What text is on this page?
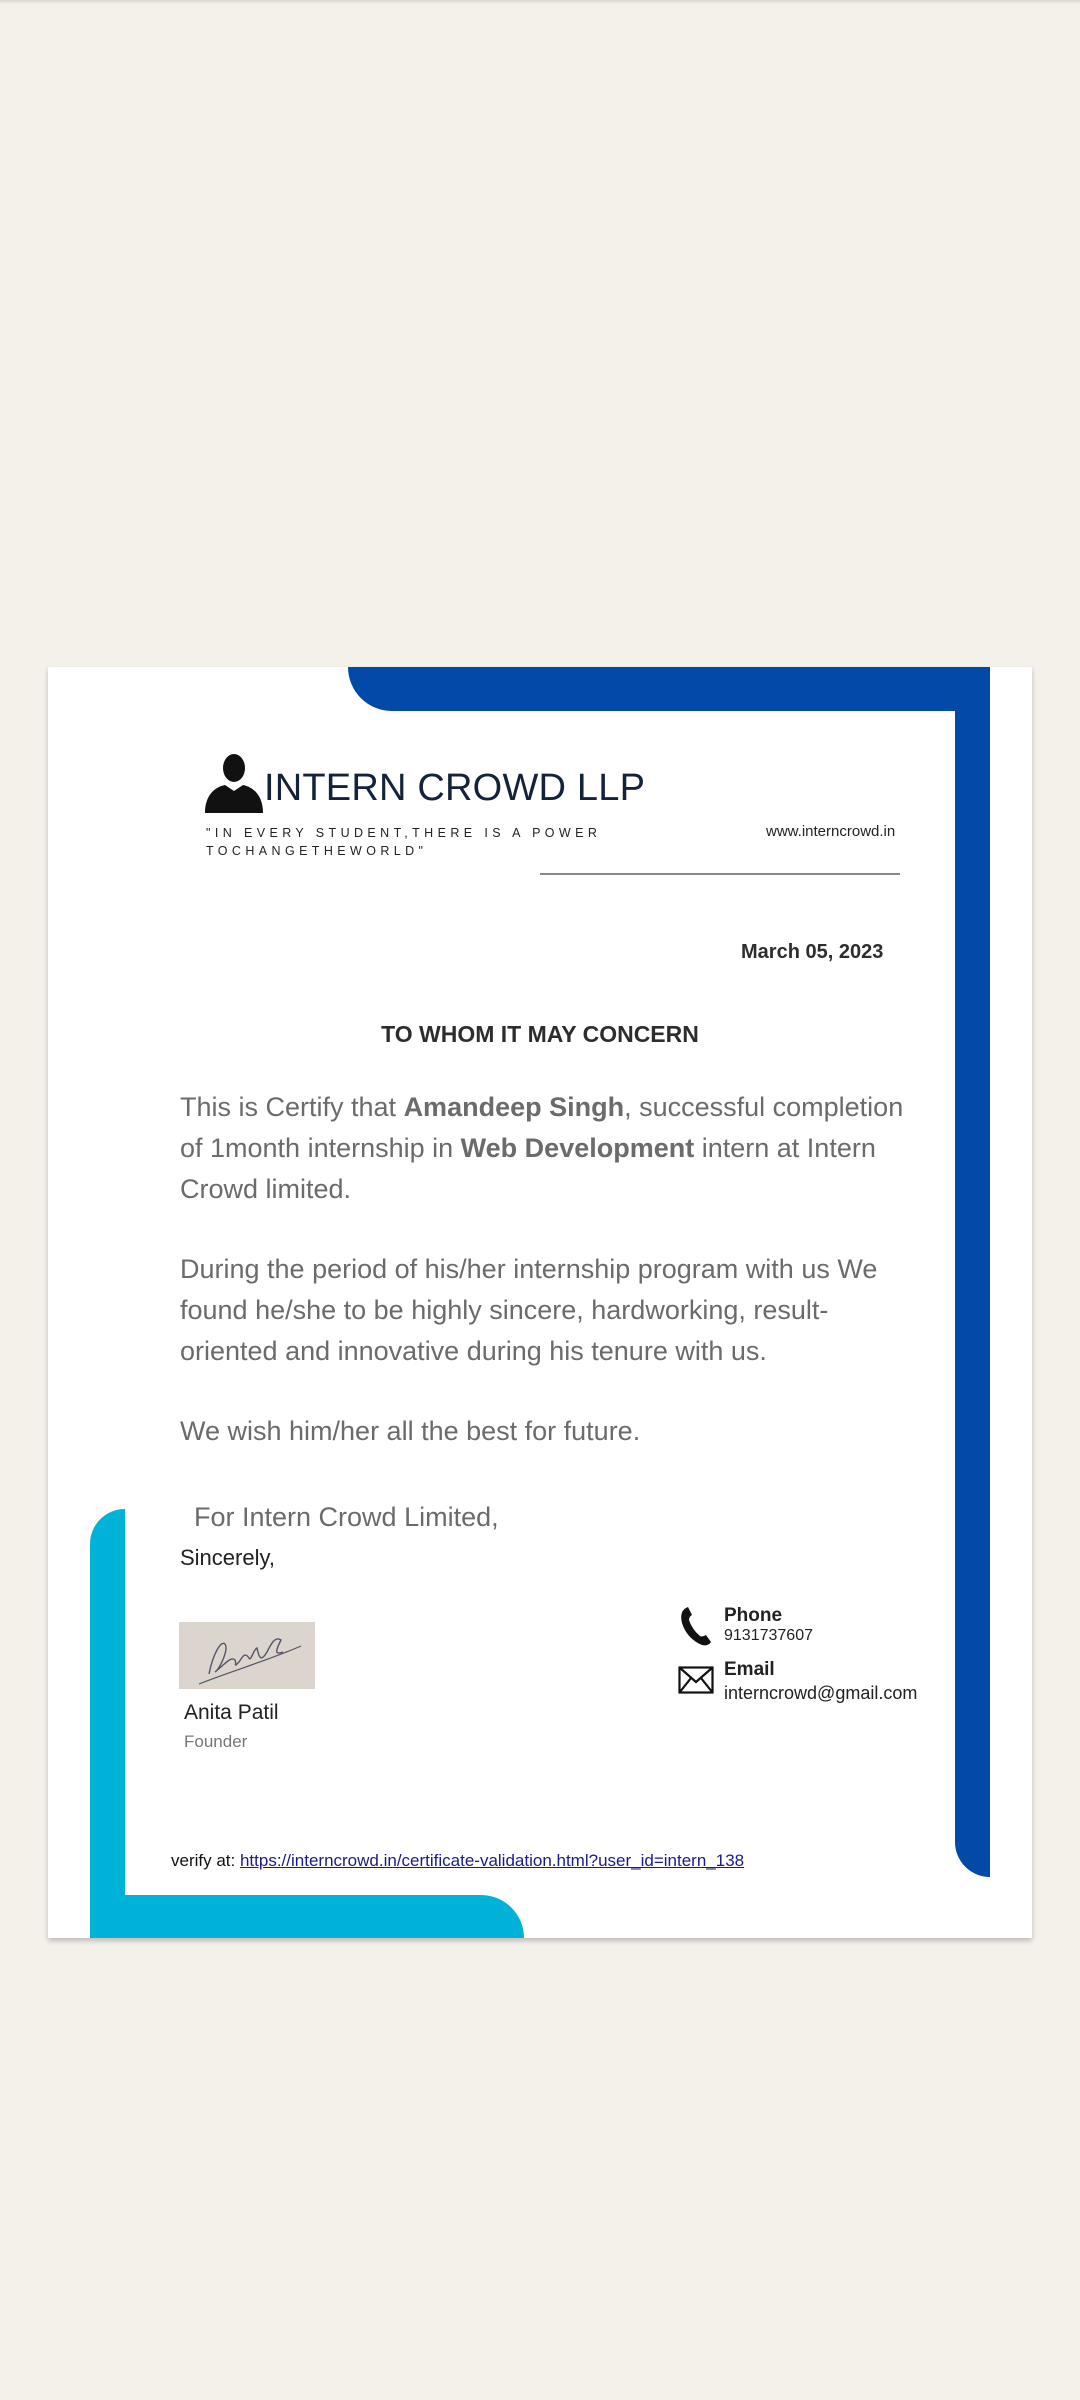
INTERN CROWD LLP
"IN EVERY STUDENT,THERE IS A POWERTOCHANGETHEWORLD"
www.interncrowd.in
March 05, 2023
TO WHOM IT MAY CONCERN
This is Certify that Amandeep Singh, successful completion of 1month internship in Web Development intern at Intern Crowd limited.
During the period of his/her internship program with us We found he/she to be highly sincere, hardworking, result-oriented and innovative during his tenure with us.
We wish him/her all the best for future.
For Intern Crowd Limited,
Sincerely,
Anita Patil
Founder
Phone
9131737607
Email
interncrowd@gmail.com
verify at: https://interncrowd.in/certificate-validation.html?user_id=intern_138
